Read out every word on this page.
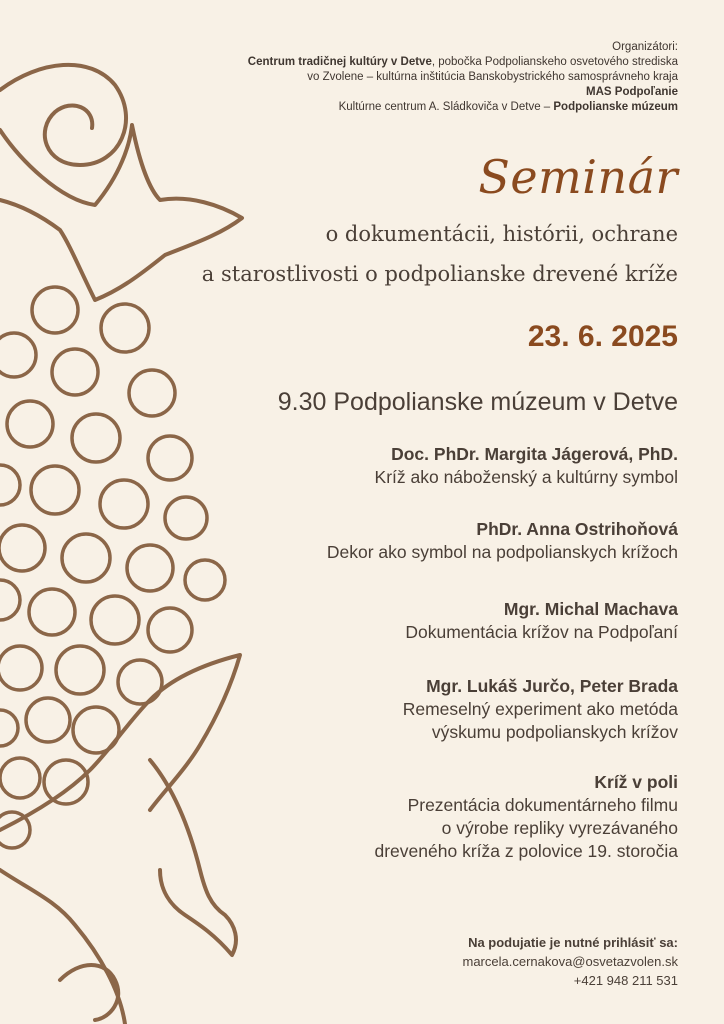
Organizátori:
Centrum tradičnej kultúry v Detve, pobočka Podpolianskeho osvetového strediska
vo Zvolene – kultúrna inštitúcia Banskobystrického samosprávneho kraja
MAS Podpoľanie
Kultúrne centrum A. Sládkoviča v Detve – Podpolianske múzeum
Seminár
o dokumentácii, histórii, ochrane
a starostlivosti o podpolianske drevené kríže
23. 6. 2025
9.30 Podpolianske múzeum v Detve
Doc. PhDr. Margita Jágerová, PhD.
Kríž ako náboženský a kultúrny symbol
PhDr. Anna Ostrihoňová
Dekor ako symbol na podpolianskych krížoch
Mgr. Michal Machava
Dokumentácia krížov na Podpoľaní
Mgr. Lukáš Jurčo, Peter Brada
Remeselný experiment ako metóda
výskumu podpolianskych krížov
Kríž v poli
Prezentácia dokumentárneho filmu
o výrobe repliky vyrezávaného
dreveného kríža z polovice 19. storočia
Na podujatie je nutné prihlásiť sa:
marcela.cernakova@osvetazvolen.sk
+421 948 211 531
